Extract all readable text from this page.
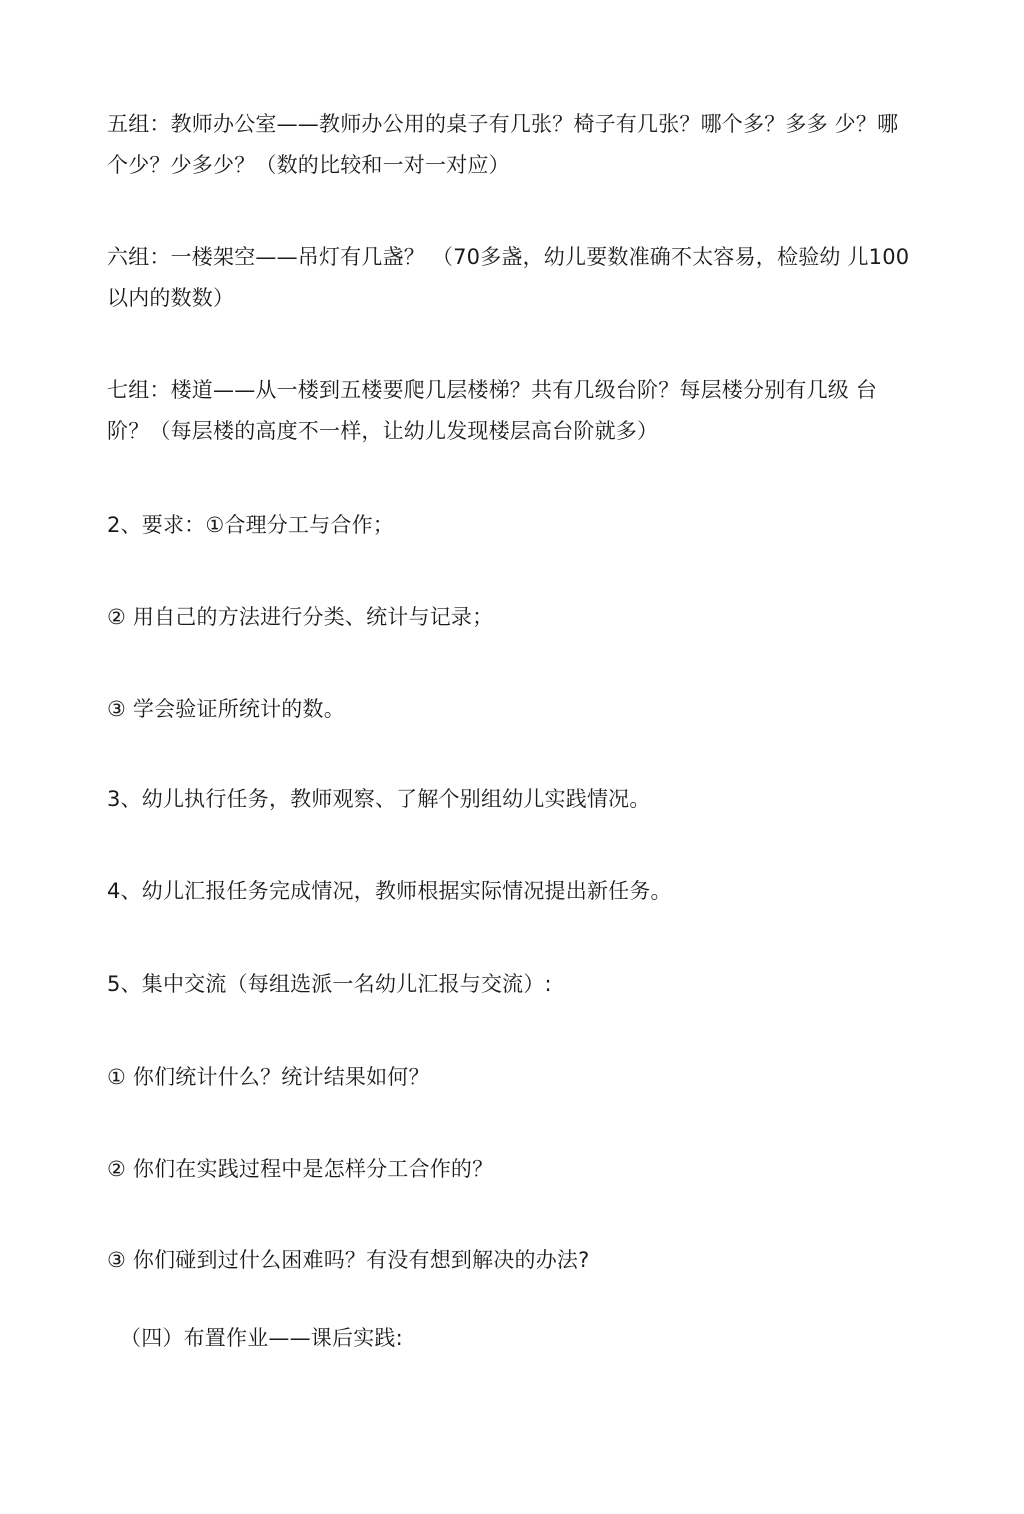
五组：教师办公室——教师办公用的桌子有几张？椅子有几张？哪个多？多多 少？哪个少？少多少？（数的比较和一对一对应）

六组：一楼架空——吊灯有几盏？ （70多盏，幼儿要数准确不太容易，检验幼 儿100以内的数数）

七组：楼道——从一楼到五楼要爬几层楼梯？共有几级台阶？每层楼分别有几级 台阶？（每层楼的高度不一样，让幼儿发现楼层高台阶就多）

2、要求：①合理分工与合作；

② 用自己的方法进行分类、统计与记录；

③ 学会验证所统计的数。

3、幼儿执行任务，教师观察、了解个别组幼儿实践情况。

4、幼儿汇报任务完成情况，教师根据实际情况提出新任务。

5、集中交流（每组选派一名幼儿汇报与交流）:

① 你们统计什么？统计结果如何？

② 你们在实践过程中是怎样分工合作的？

③ 你们碰到过什么困难吗？有没有想到解决的办法?

（四）布置作业——课后实践:
